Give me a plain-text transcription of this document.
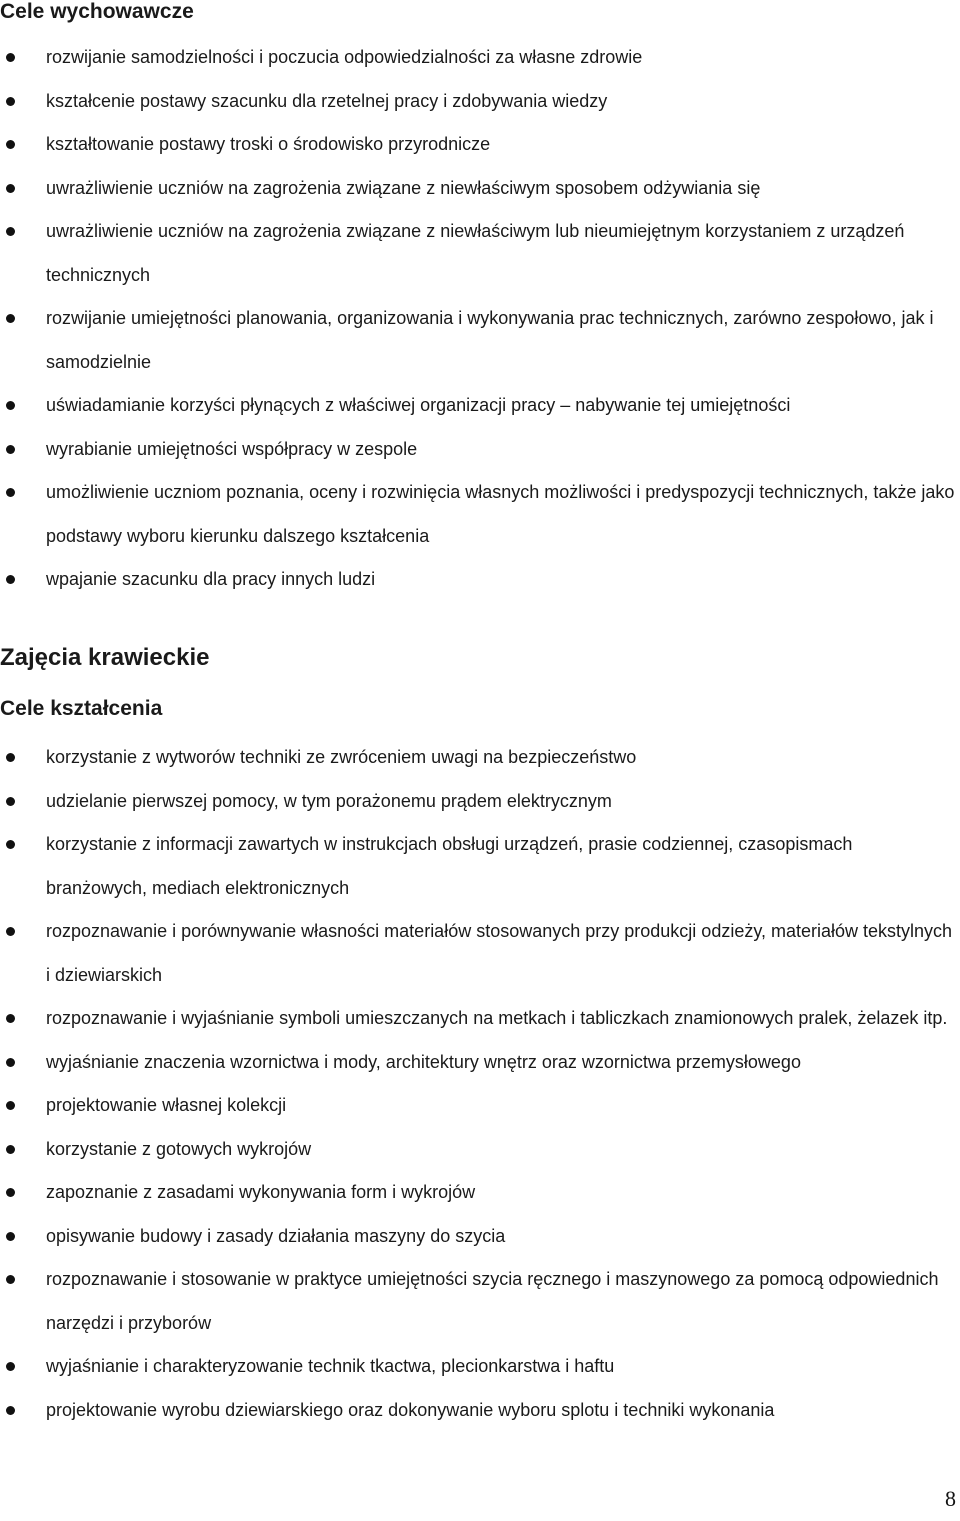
Cele wychowawcze
rozwijanie samodzielności i poczucia odpowiedzialności za własne zdrowie
kształcenie postawy szacunku dla rzetelnej pracy i zdobywania wiedzy
kształtowanie postawy troski o środowisko przyrodnicze
uwrażliwienie uczniów na zagrożenia związane z niewłaściwym sposobem odżywiania się
uwrażliwienie uczniów na zagrożenia związane z niewłaściwym lub nieumiejętnym korzystaniem z urządzeń technicznych
rozwijanie umiejętności planowania, organizowania i wykonywania prac technicznych, zarówno zespołowo, jak i samodzielnie
uświadamianie korzyści płynących z właściwej organizacji pracy – nabywanie tej umiejętności
wyrabianie umiejętności współpracy w zespole
umożliwienie uczniom poznania, oceny i rozwinięcia własnych możliwości i predyspozycji technicznych, także jako podstawy wyboru kierunku dalszego kształcenia
wpajanie szacunku dla pracy innych ludzi
Zajęcia krawieckie
Cele kształcenia
korzystanie z wytworów techniki ze zwróceniem uwagi na bezpieczeństwo
udzielanie pierwszej pomocy, w tym porażonemu prądem elektrycznym
korzystanie z informacji zawartych w instrukcjach obsługi urządzeń, prasie codziennej, czasopismach branżowych, mediach elektronicznych
rozpoznawanie i porównywanie własności materiałów stosowanych przy produkcji odzieży, materiałów tekstylnych i dziewiarskich
rozpoznawanie i wyjaśnianie symboli umieszczanych na metkach i tabliczkach znamionowych pralek, żelazek itp.
wyjaśnianie znaczenia wzornictwa i mody, architektury wnętrz oraz wzornictwa przemysłowego
projektowanie własnej kolekcji
korzystanie z gotowych wykrojów
zapoznanie z zasadami wykonywania form i wykrojów
opisywanie budowy i zasady działania maszyny do szycia
rozpoznawanie i stosowanie w praktyce umiejętności szycia ręcznego i maszynowego za pomocą odpowiednich narzędzi i przyborów
wyjaśnianie i charakteryzowanie technik tkactwa, plecionkarstwa i haftu
projektowanie wyrobu dziewiarskiego oraz dokonywanie wyboru splotu i techniki wykonania
8
